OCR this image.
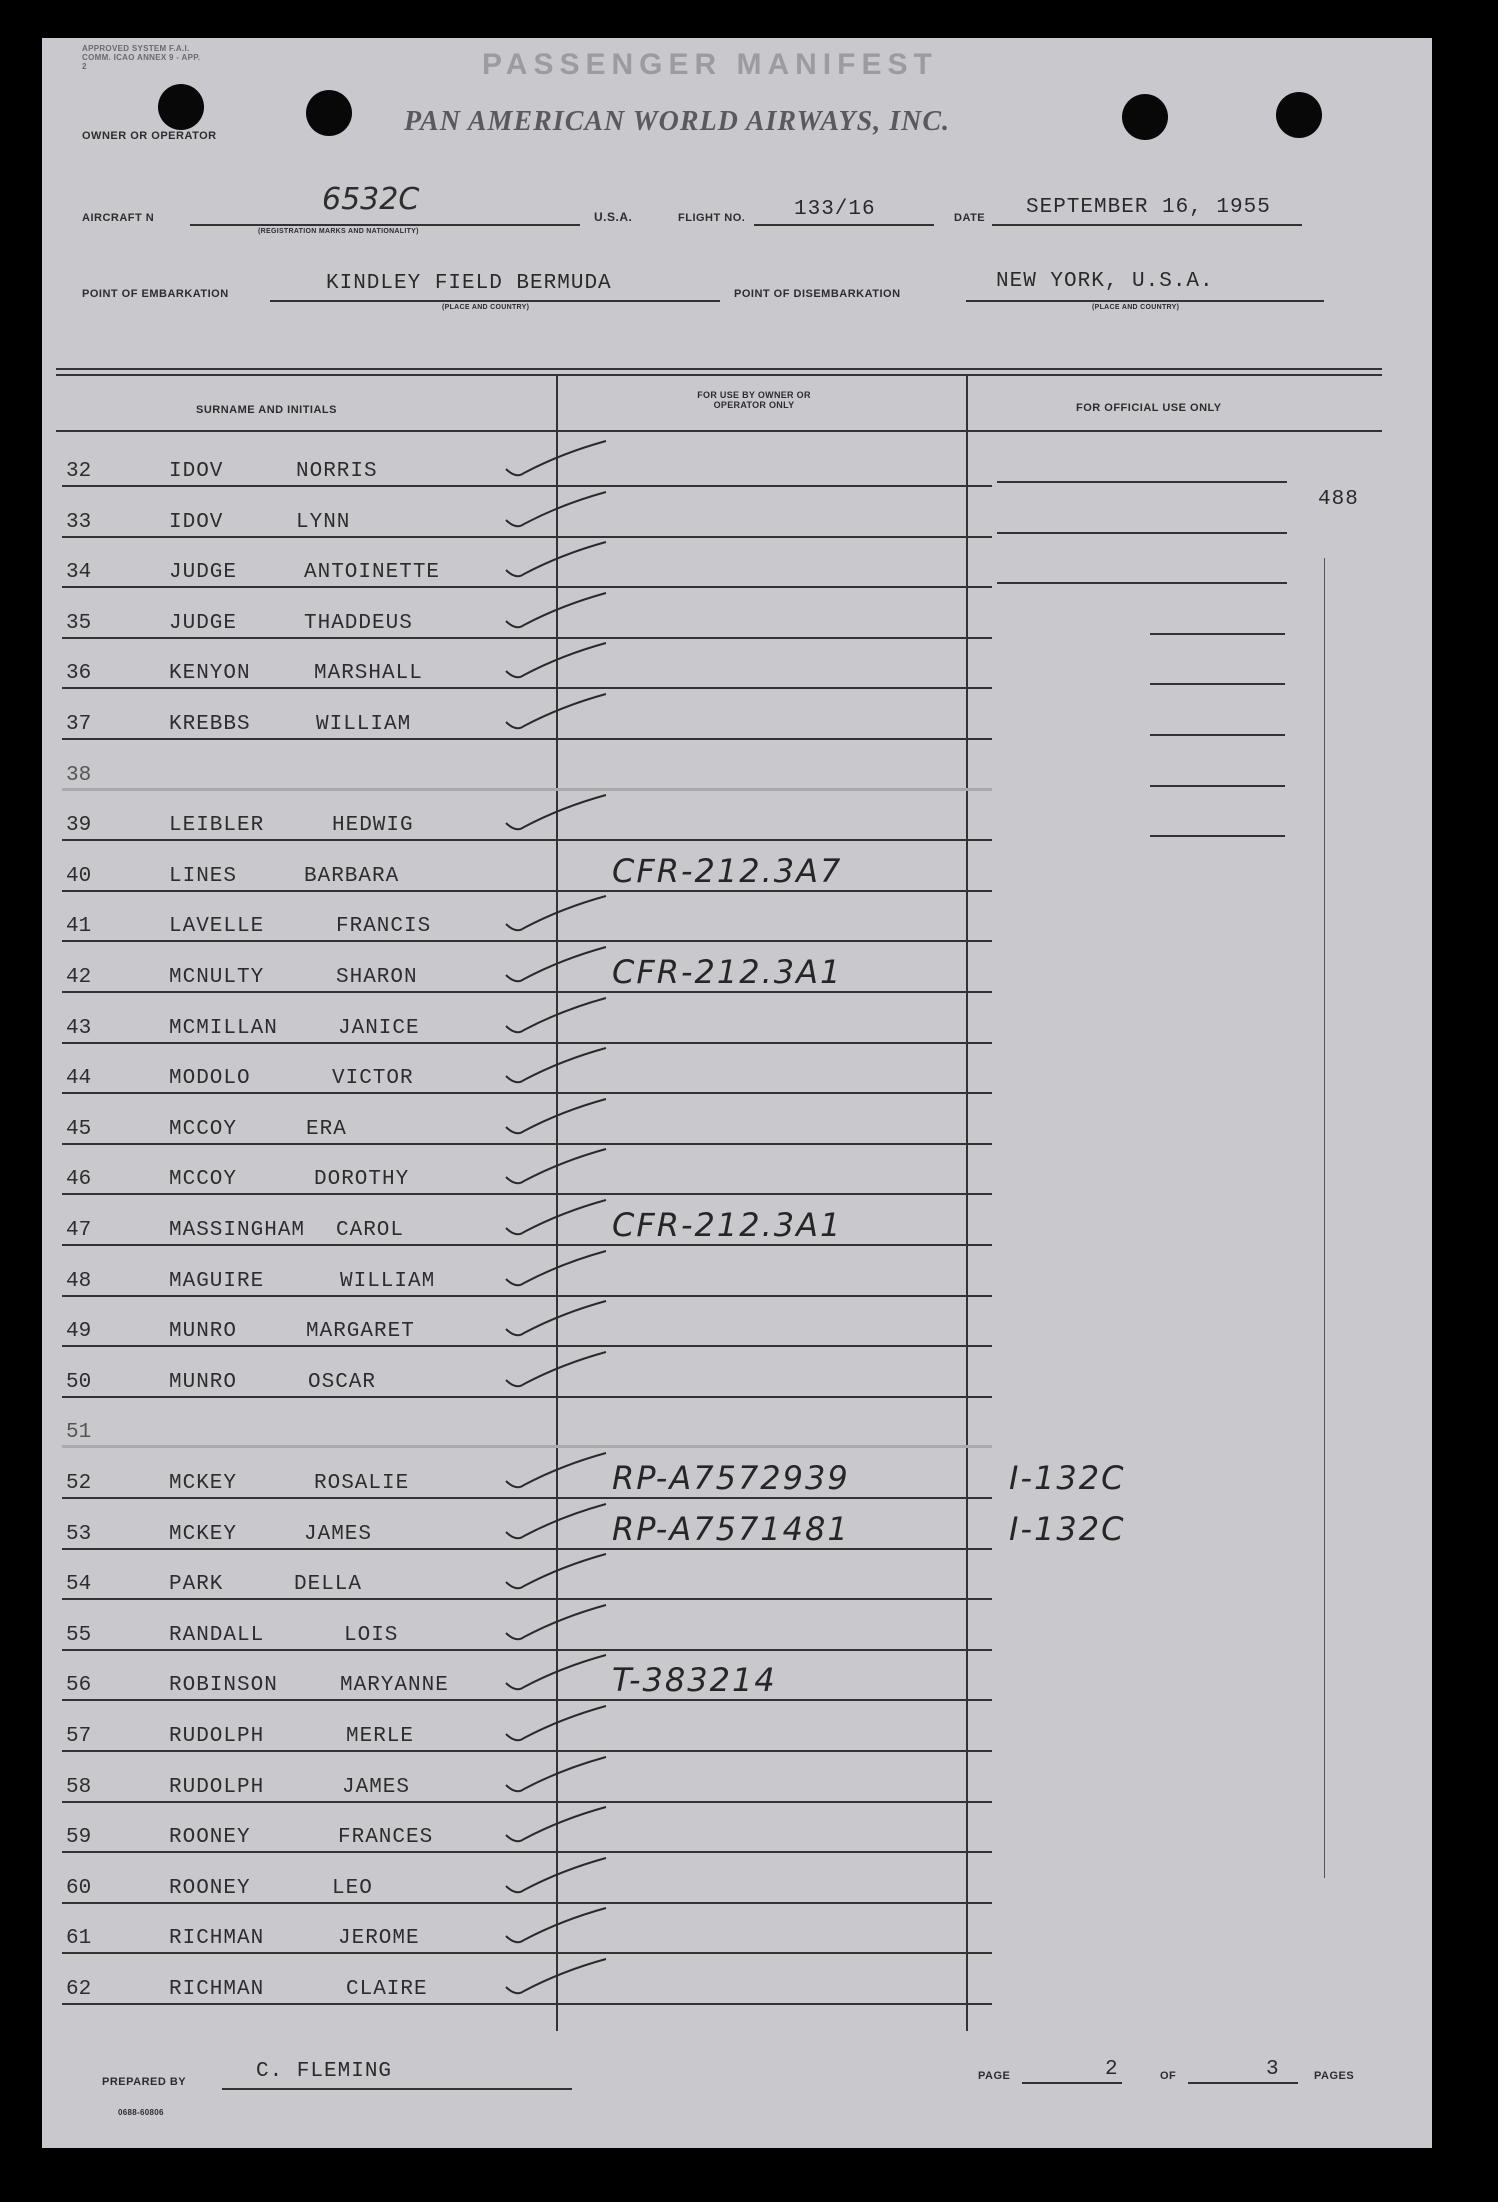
APPROVED SYSTEM F.A.I. COMM. ICAO ANNEX 9 - APP. 2	PASSENGER MANIFEST
OWNER OR OPERATOR	PAN AMERICAN WORLD AIRWAYS, INC.
AIRCRAFT N
6532C
(REGISTRATION MARKS AND NATIONALITY)
U.S.A.	FLIGHT NO. 133/16	DATE SEPTEMBER 16, 1955
POINT OF EMBARKATION	KINDLEY FIELD BERMUDA
(PLACE AND COUNTRY)
POINT OF DISEMBARKATION
NEW YORK, U.S.A.
(PLACE AND COUNTRY)
SURNAME AND INITIALS
FOR USE BY OWNER OR OPERATOR ONLY	FOR OFFICIAL USE ONLY
488
32	IDOV	NORRIS
33	IDOV	LYNN
34	JUDGE	ANTOINETTE
35	JUDGE	THADDEUS
36	KENYON	MARSHALL
37	KREBBS	WILLIAM
38
39	LEIBLER	HEDWIG
40	LINES	BARBARA	CFR-212.3A7
41	LAVELLE	FRANCIS
42	MCNULTY	SHARON	CFR-212.3A1
43	MCMILLAN	JANICE
44	MODOLO	VICTOR
45	MCCOY	ERA
46	MCCOY	DOROTHY
47	MASSINGHAM CAROL	CFR-212.3A1
48	MAGUIRE	WILLIAM
49	MUNRO	MARGARET
50	MUNRO	OSCAR
51
52	MCKEY	ROSALIE	RP-A7572939	I-132C
53	MCKEY	JAMES	RP-A7571481	I-132C
54	PARK	DELLA
55	RANDALL	LOIS
56	ROBINSON	MARYANNE	T-383214
57	RUDOLPH	MERLE
58	RUDOLPH	JAMES
59	ROONEY	FRANCES
60	ROONEY	LEO
61	RICHMAN	JEROME
62	RICHMAN	CLAIRE
PREPARED BY	C. FLEMING	PAGE	2	OF	3	PAGES
0688-60806
